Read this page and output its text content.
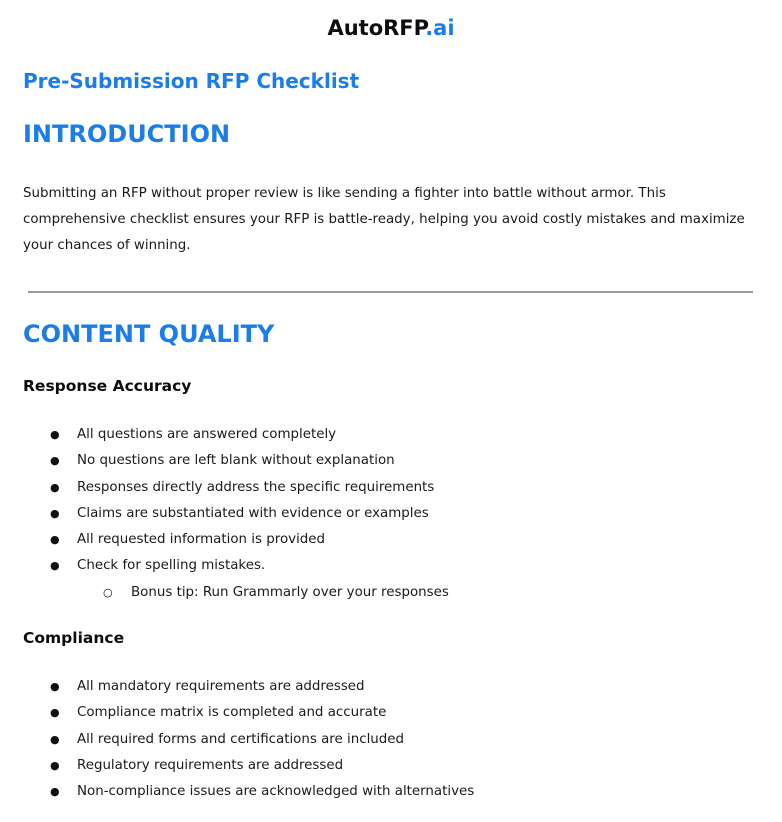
AutoRFP.ai
Pre-Submission RFP Checklist
INTRODUCTION

Submitting an RFP without proper review is like sending a fighter into battle without armor. This comprehensive checklist ensures your RFP is battle-ready, helping you avoid costly mistakes and maximize your chances of winning.

CONTENT QUALITY
Response Accuracy
● All questions are answered completely
● No questions are left blank without explanation
● Responses directly address the specific requirements
● Claims are substantiated with evidence or examples
● All requested information is provided
● Check for spelling mistakes.
○ Bonus tip: Run Grammarly over your responses
Compliance
● All mandatory requirements are addressed
● Compliance matrix is completed and accurate
● All required forms and certifications are included
● Regulatory requirements are addressed
● Non-compliance issues are acknowledged with alternatives
